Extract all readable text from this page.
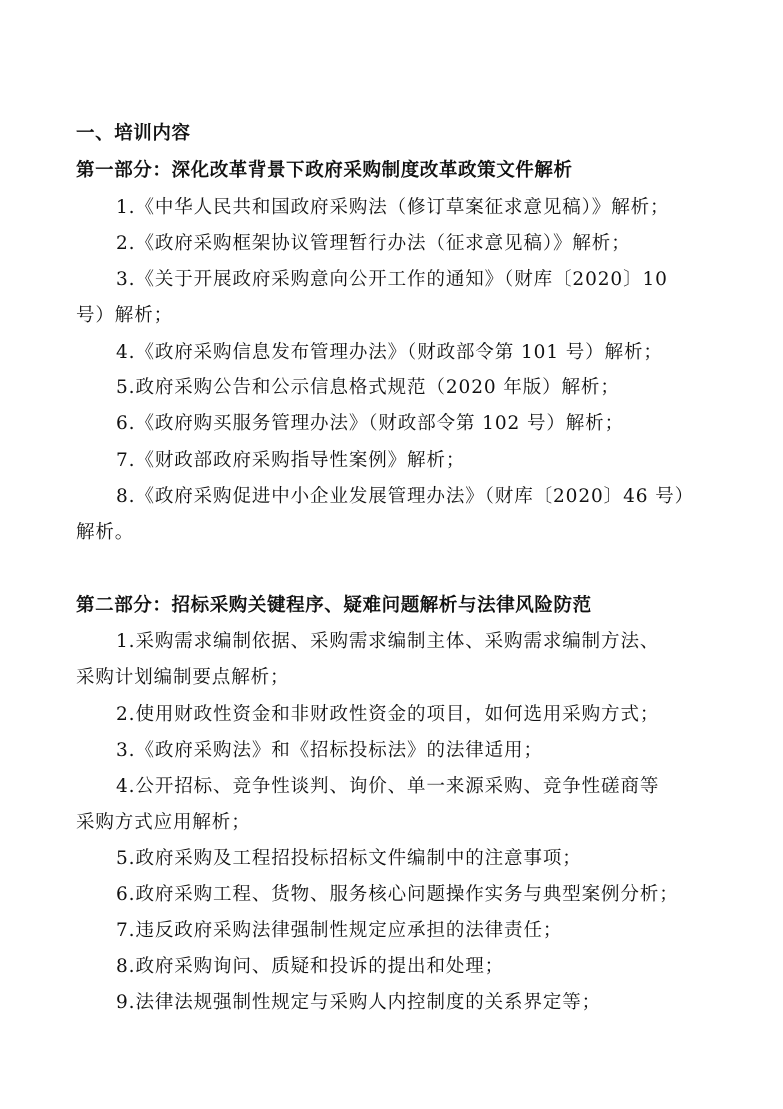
一、培训内容
第一部分：深化改革背景下政府采购制度改革政策文件解析
1.《中华人民共和国政府采购法（修订草案征求意见稿）》解析；
2.《政府采购框架协议管理暂行办法（征求意见稿）》解析；
3.《关于开展政府采购意向公开工作的通知》（财库〔2020〕10
号）解析；
4.《政府采购信息发布管理办法》（财政部令第 101 号）解析；
5.政府采购公告和公示信息格式规范（2020 年版）解析；
6.《政府购买服务管理办法》（财政部令第 102 号）解析；
7.《财政部政府采购指导性案例》解析；
8.《政府采购促进中小企业发展管理办法》（财库〔2020〕46 号）
解析。
第二部分：招标采购关键程序、疑难问题解析与法律风险防范
1.采购需求编制依据、采购需求编制主体、采购需求编制方法、
采购计划编制要点解析；
2.使用财政性资金和非财政性资金的项目，如何选用采购方式；
3.《政府采购法》和《招标投标法》的法律适用；
4.公开招标、竞争性谈判、询价、单一来源采购、竞争性磋商等
采购方式应用解析；
5.政府采购及工程招投标招标文件编制中的注意事项；
6.政府采购工程、货物、服务核心问题操作实务与典型案例分析；
7.违反政府采购法律强制性规定应承担的法律责任；
8.政府采购询问、质疑和投诉的提出和处理；
9.法律法规强制性规定与采购人内控制度的关系界定等；
